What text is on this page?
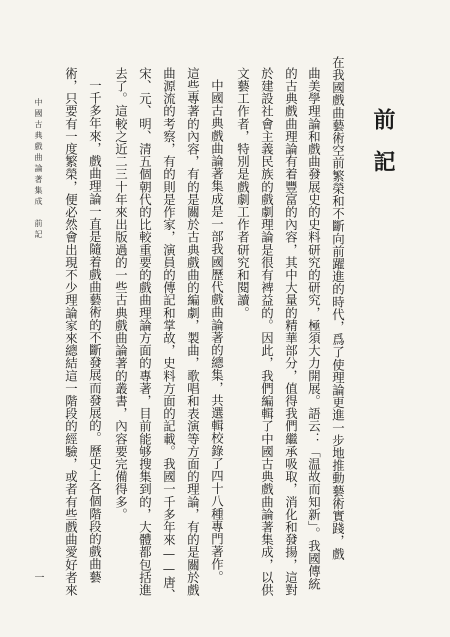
前記
在我國戲曲藝術空前繁榮和不斷向前躍進的時代，爲了使理論更進一步地推動藝術實踐，戲
曲美學理論和戲曲發展史的史料研究的研究，極須大力開展。語云：「温故而知新」。我國傳統
的古典戲曲理論有着豐富的內容，其中大量的精華部分，值得我們繼承吸取，消化和發揚，這對
於建設社會主義民族的戲劇理論是很有裨益的。因此，我們編輯了中國古典戲曲論著集成，以供
文藝工作者，特別是戲劇工作者研究和閱讀。
中國古典戲曲論著集成是一部我國歷代戲曲論著的總集，共選輯校錄了四十八種專門著作。
這些專著的內容，有的是關於古典戲曲的編劇，製曲，歌唱和表演等方面的理論，有的是關於戲
曲源流的考察，有的則是作家，演員的傳記和掌故，史料方面的記載。我國一千多年來——唐、
宋、元、明、清五個朝代的比較重要的戲曲理論方面的專著，目前能够搜集到的，大體都包括進
去了。這較之近二三十年來出版過的一些古典戲曲論著的叢書，內容要完備得多。
一千多年來，戲曲理論一直是隨着戲曲藝術的不斷發展而發展的。歷史上各個階段的戲曲藝
術，只要有一度繁榮，便必然會出現不少理論家來總結這一階段的經驗，或者有些戲曲愛好者來
中國古典戲曲論著集成　前記
一
